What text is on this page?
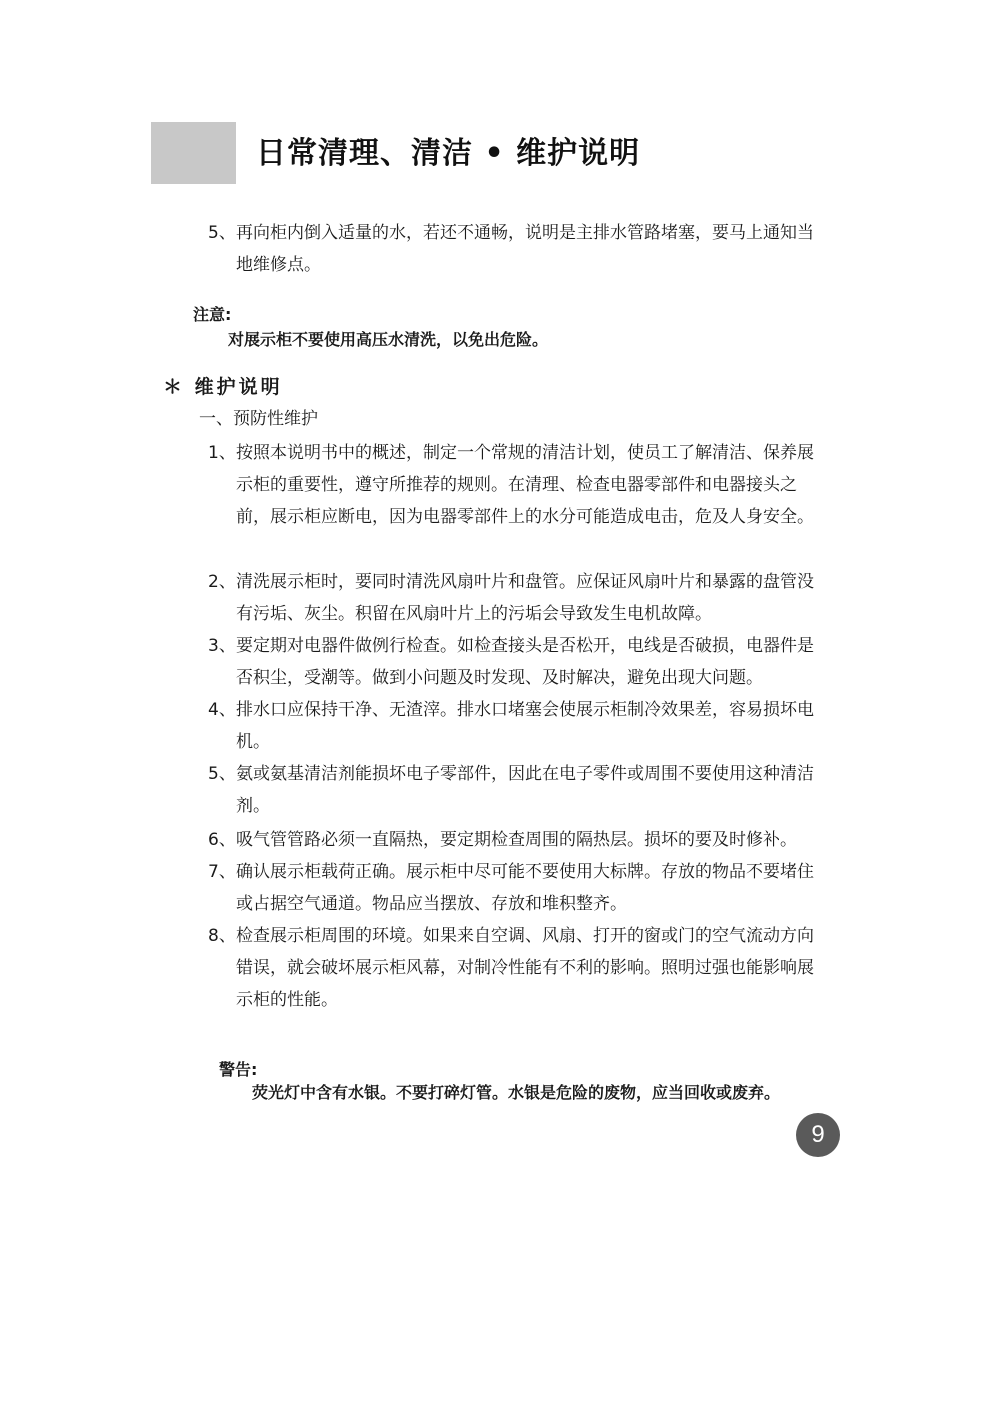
日常清理、清洁 • 维护说明
5、 再向柜内倒入适量的水，若还不通畅，说明是主排水管路堵塞，要马上通知当地维修点。
注意:
对展示柜不要使用高压水清洗，以免出危险。
＊ 维护说明
一、预防性维护
1、 按照本说明书中的概述，制定一个常规的清洁计划，使员工了解清洁、保养展示柜的重要性，遵守所推荐的规则。在清理、检查电器零部件和电器接头之前，展示柜应断电，因为电器零部件上的水分可能造成电击，危及人身安全。
2、 清洗展示柜时，要同时清洗风扇叶片和盘管。应保证风扇叶片和暴露的盘管没有污垢、灰尘。积留在风扇叶片上的污垢会导致发生电机故障。
3、 要定期对电器件做例行检查。如检查接头是否松开，电线是否破损，电器件是否积尘，受潮等。做到小问题及时发现、及时解决，避免出现大问题。
4、 排水口应保持干净、无渣滓。排水口堵塞会使展示柜制冷效果差，容易损坏电机。
5、 氨或氨基清洁剂能损坏电子零部件，因此在电子零件或周围不要使用这种清洁剂。
6、 吸气管管路必须一直隔热，要定期检查周围的隔热层。损坏的要及时修补。
7、 确认展示柜载荷正确。展示柜中尽可能不要使用大标牌。存放的物品不要堵住或占据空气通道。物品应当摆放、存放和堆积整齐。
8、 检查展示柜周围的环境。如果来自空调、风扇、打开的窗或门的空气流动方向错误，就会破坏展示柜风幕，对制冷性能有不利的影响。照明过强也能影响展示柜的性能。
警告:
荧光灯中含有水银。不要打碎灯管。水银是危险的废物，应当回收或废弃。
9
